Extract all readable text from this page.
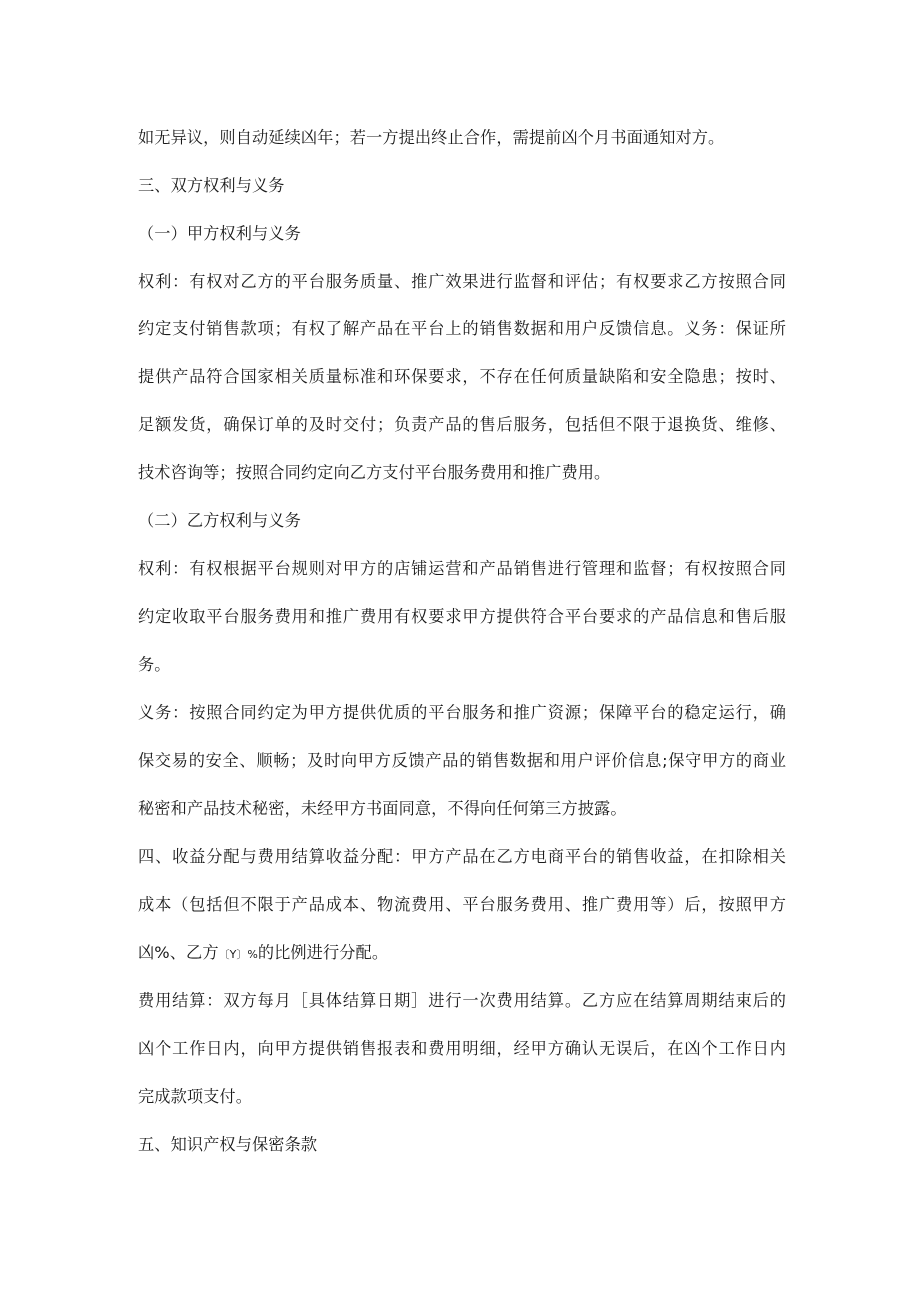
如无异议，则自动延续凶年；若一方提出终止合作，需提前凶个月书面通知对方。
三、双方权利与义务
（一）甲方权利与义务
权利：有权对乙方的平台服务质量、推广效果进行监督和评估；有权要求乙方按照合同
约定支付销售款项；有权了解产品在平台上的销售数据和用户反馈信息。义务：保证所
提供产品符合国家相关质量标准和环保要求，不存在任何质量缺陷和安全隐患；按时、
足额发货，确保订单的及时交付；负责产品的售后服务，包括但不限于退换货、维修、
技术咨询等；按照合同约定向乙方支付平台服务费用和推广费用。
（二）乙方权利与义务
权利：有权根据平台规则对甲方的店铺运营和产品销售进行管理和监督；有权按照合同
约定收取平台服务费用和推广费用有权要求甲方提供符合平台要求的产品信息和售后服
务。
义务：按照合同约定为甲方提供优质的平台服务和推广资源；保障平台的稳定运行，确
保交易的安全、顺畅；及时向甲方反馈产品的销售数据和用户评价信息;保守甲方的商业
秘密和产品技术秘密，未经甲方书面同意，不得向任何第三方披露。
四、收益分配与费用结算收益分配：甲方产品在乙方电商平台的销售收益，在扣除相关
成本（包括但不限于产品成本、物流费用、平台服务费用、推广费用等）后，按照甲方
凶%、乙方〔Y〕%的比例进行分配。
费用结算：双方每月［具体结算日期］进行一次费用结算。乙方应在结算周期结束后的
凶个工作日内，向甲方提供销售报表和费用明细，经甲方确认无误后，在凶个工作日内
完成款项支付。
五、知识产权与保密条款
